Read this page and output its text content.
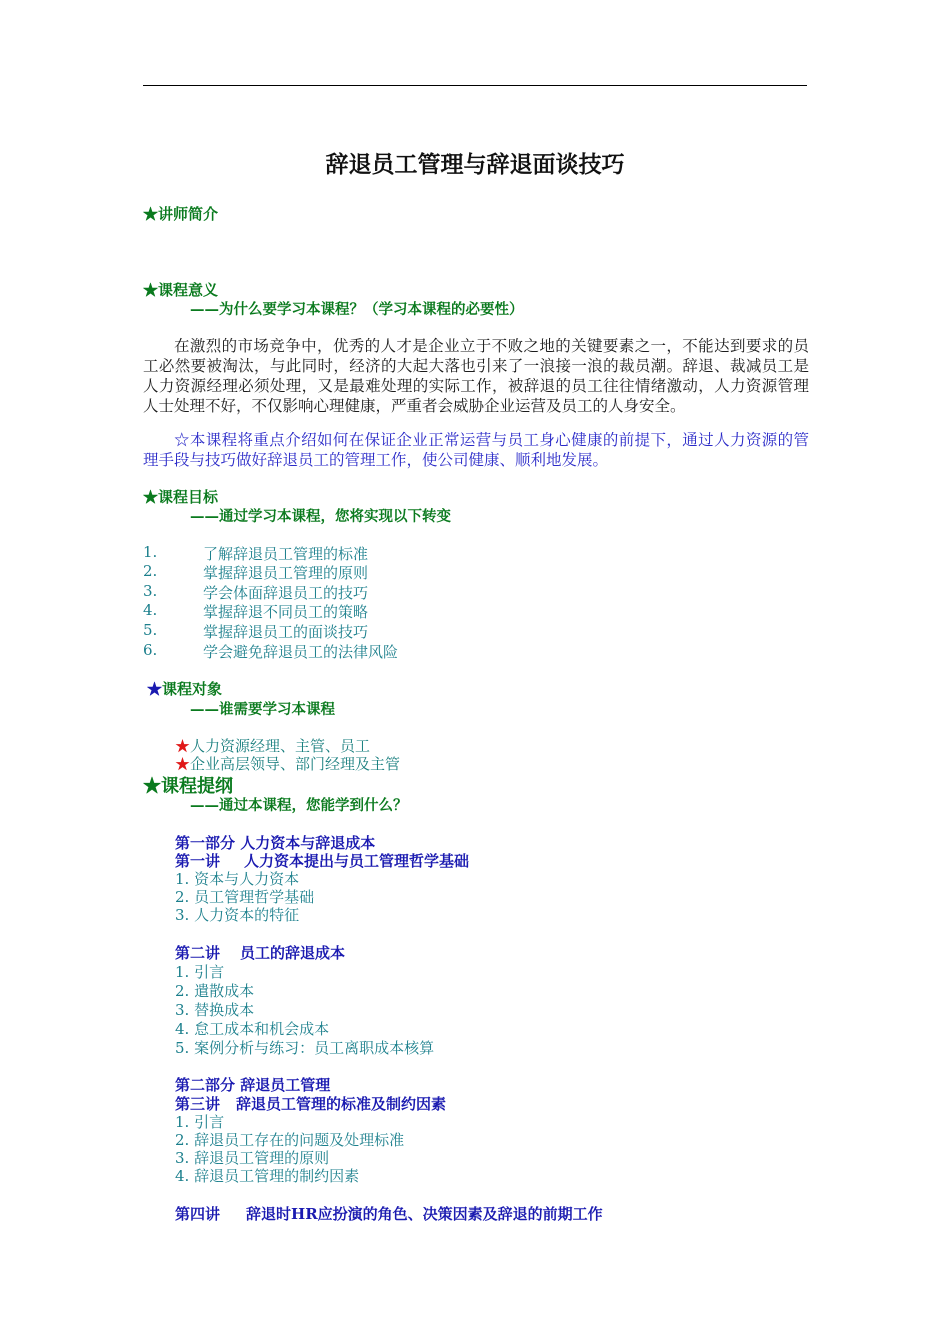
辞退员工管理与辞退面谈技巧
★讲师简介
★课程意义
——为什么要学习本课程？（学习本课程的必要性）
在激烈的市场竞争中，优秀的人才是企业立于不败之地的关键要素之一，不能达到要求的员工必然要被淘汰，与此同时，经济的大起大落也引来了一浪接一浪的裁员潮。辞退、裁减员工是人力资源经理必须处理，又是最难处理的实际工作，被辞退的员工往往情绪激动，人力资源管理人士处理不好，不仅影响心理健康，严重者会威胁企业运营及员工的人身安全。
☆本课程将重点介绍如何在保证企业正常运营与员工身心健康的前提下，通过人力资源的管理手段与技巧做好辞退员工的管理工作，使公司健康、顺利地发展。
★课程目标
——通过学习本课程，您将实现以下转变
1.	了解辞退员工管理的标准
2.	掌握辞退员工管理的原则
3.	学会体面辞退员工的技巧
4.	掌握辞退不同员工的策略
5.	掌握辞退员工的面谈技巧
6.	学会避免辞退员工的法律风险
★课程对象
——谁需要学习本课程
★人力资源经理、主管、员工
★企业高层领导、部门经理及主管
★课程提纲
——通过本课程，您能学到什么？
第一部分 人力资本与辞退成本
第一讲 人力资本提出与员工管理哲学基础
1. 资本与人力资本
2. 员工管理哲学基础
3. 人力资本的特征
第二讲 员工的辞退成本
1. 引言
2. 遣散成本
3. 替换成本
4. 怠工成本和机会成本
5. 案例分析与练习：员工离职成本核算
第二部分 辞退员工管理
第三讲 辞退员工管理的标准及制约因素
1. 引言
2. 辞退员工存在的问题及处理标准
3. 辞退员工管理的原则
4. 辞退员工管理的制约因素
第四讲 辞退时HR应扮演的角色、决策因素及辞退的前期工作
